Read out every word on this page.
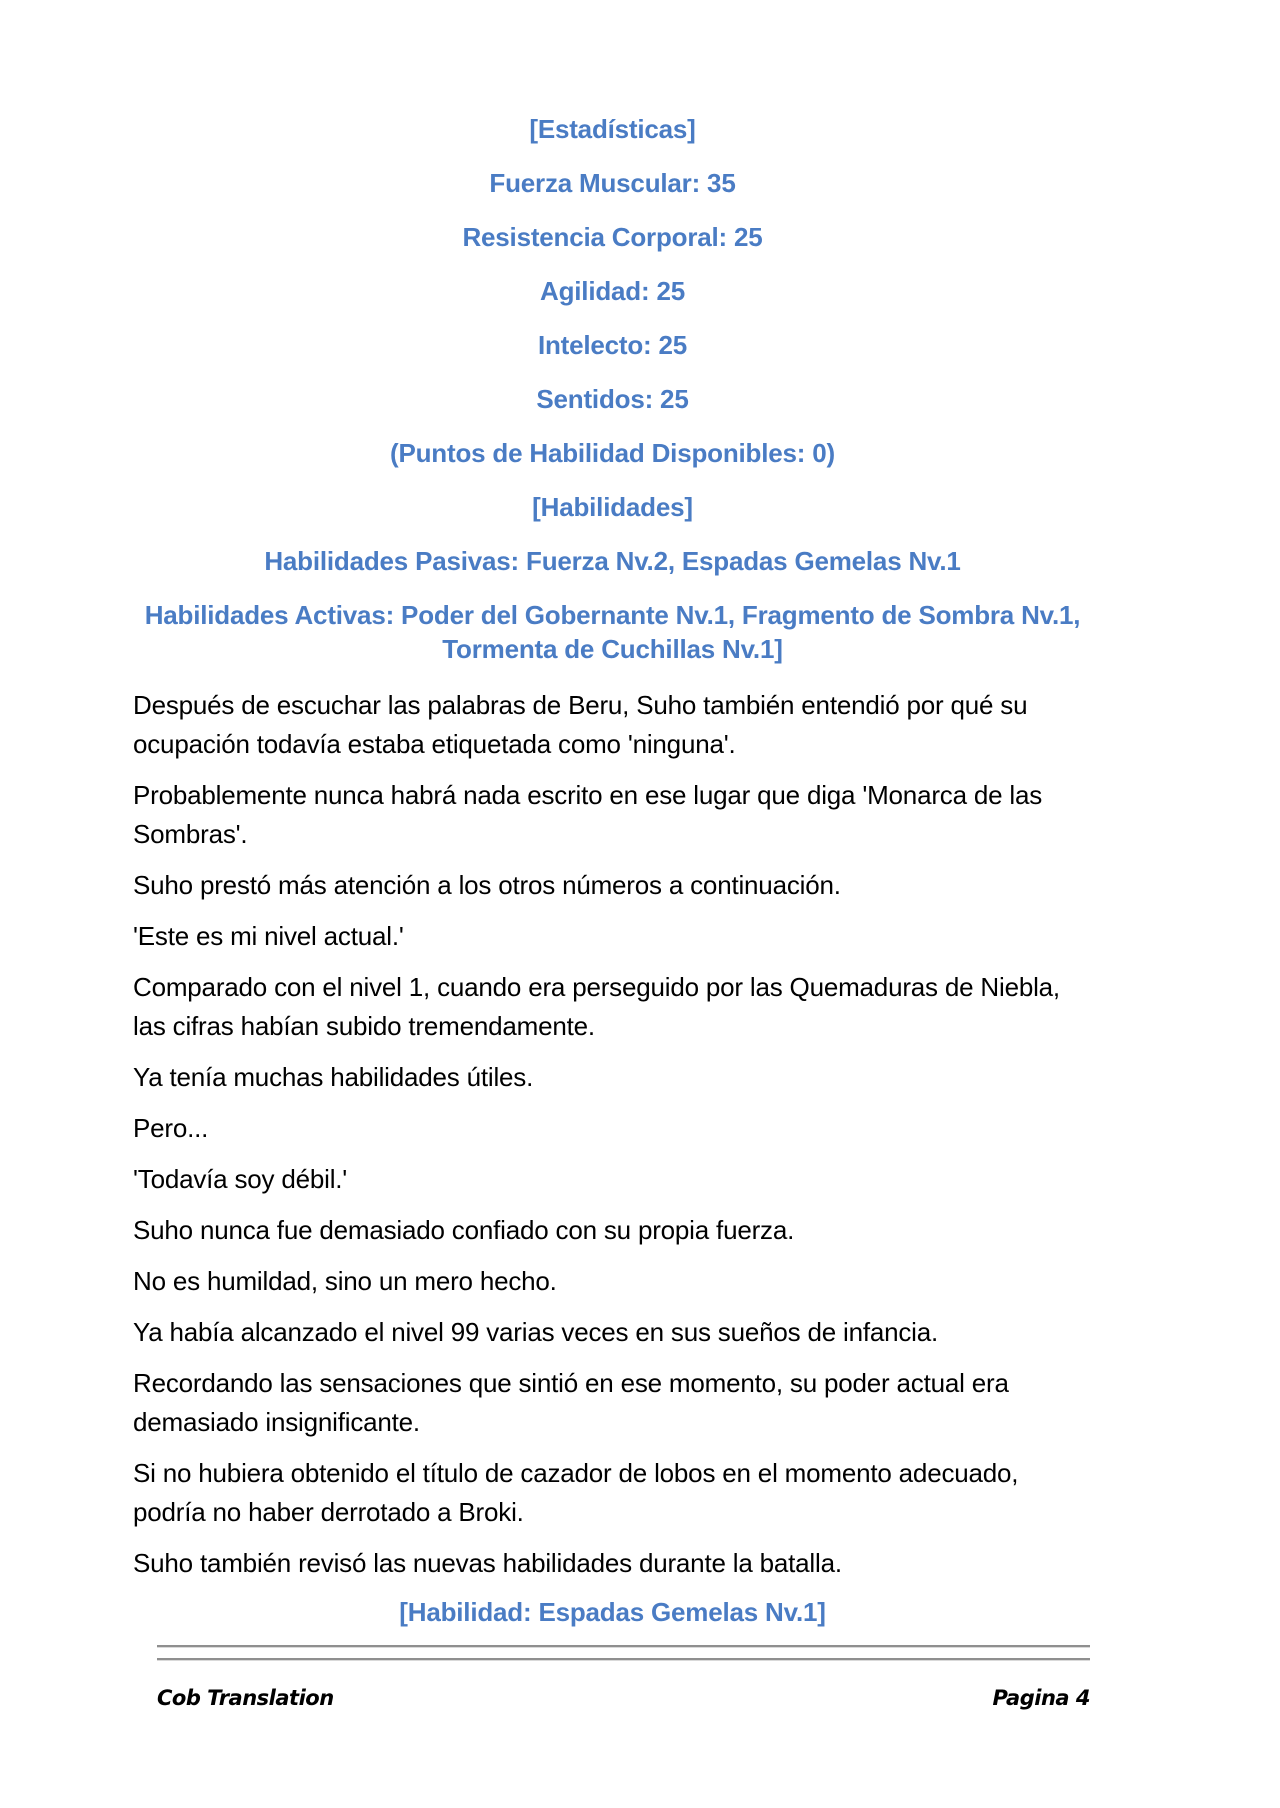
[Estadísticas]

Fuerza Muscular: 35

Resistencia Corporal: 25

Agilidad: 25

Intelecto: 25

Sentidos: 25

(Puntos de Habilidad Disponibles: 0)

[Habilidades]

Habilidades Pasivas: Fuerza Nv.2, Espadas Gemelas Nv.1

Habilidades Activas: Poder del Gobernante Nv.1, Fragmento de Sombra Nv.1, Tormenta de Cuchillas Nv.1]

Después de escuchar las palabras de Beru, Suho también entendió por qué su ocupación todavía estaba etiquetada como 'ninguna'.

Probablemente nunca habrá nada escrito en ese lugar que diga 'Monarca de las Sombras'.

Suho prestó más atención a los otros números a continuación.

'Este es mi nivel actual.'

Comparado con el nivel 1, cuando era perseguido por las Quemaduras de Niebla, las cifras habían subido tremendamente.

Ya tenía muchas habilidades útiles.

Pero...

'Todavía soy débil.'

Suho nunca fue demasiado confiado con su propia fuerza.

No es humildad, sino un mero hecho.

Ya había alcanzado el nivel 99 varias veces en sus sueños de infancia.

Recordando las sensaciones que sintió en ese momento, su poder actual era demasiado insignificante.

Si no hubiera obtenido el título de cazador de lobos en el momento adecuado, podría no haber derrotado a Broki.

Suho también revisó las nuevas habilidades durante la batalla.

[Habilidad: Espadas Gemelas Nv.1]

Cob Translation	Pagina 4
